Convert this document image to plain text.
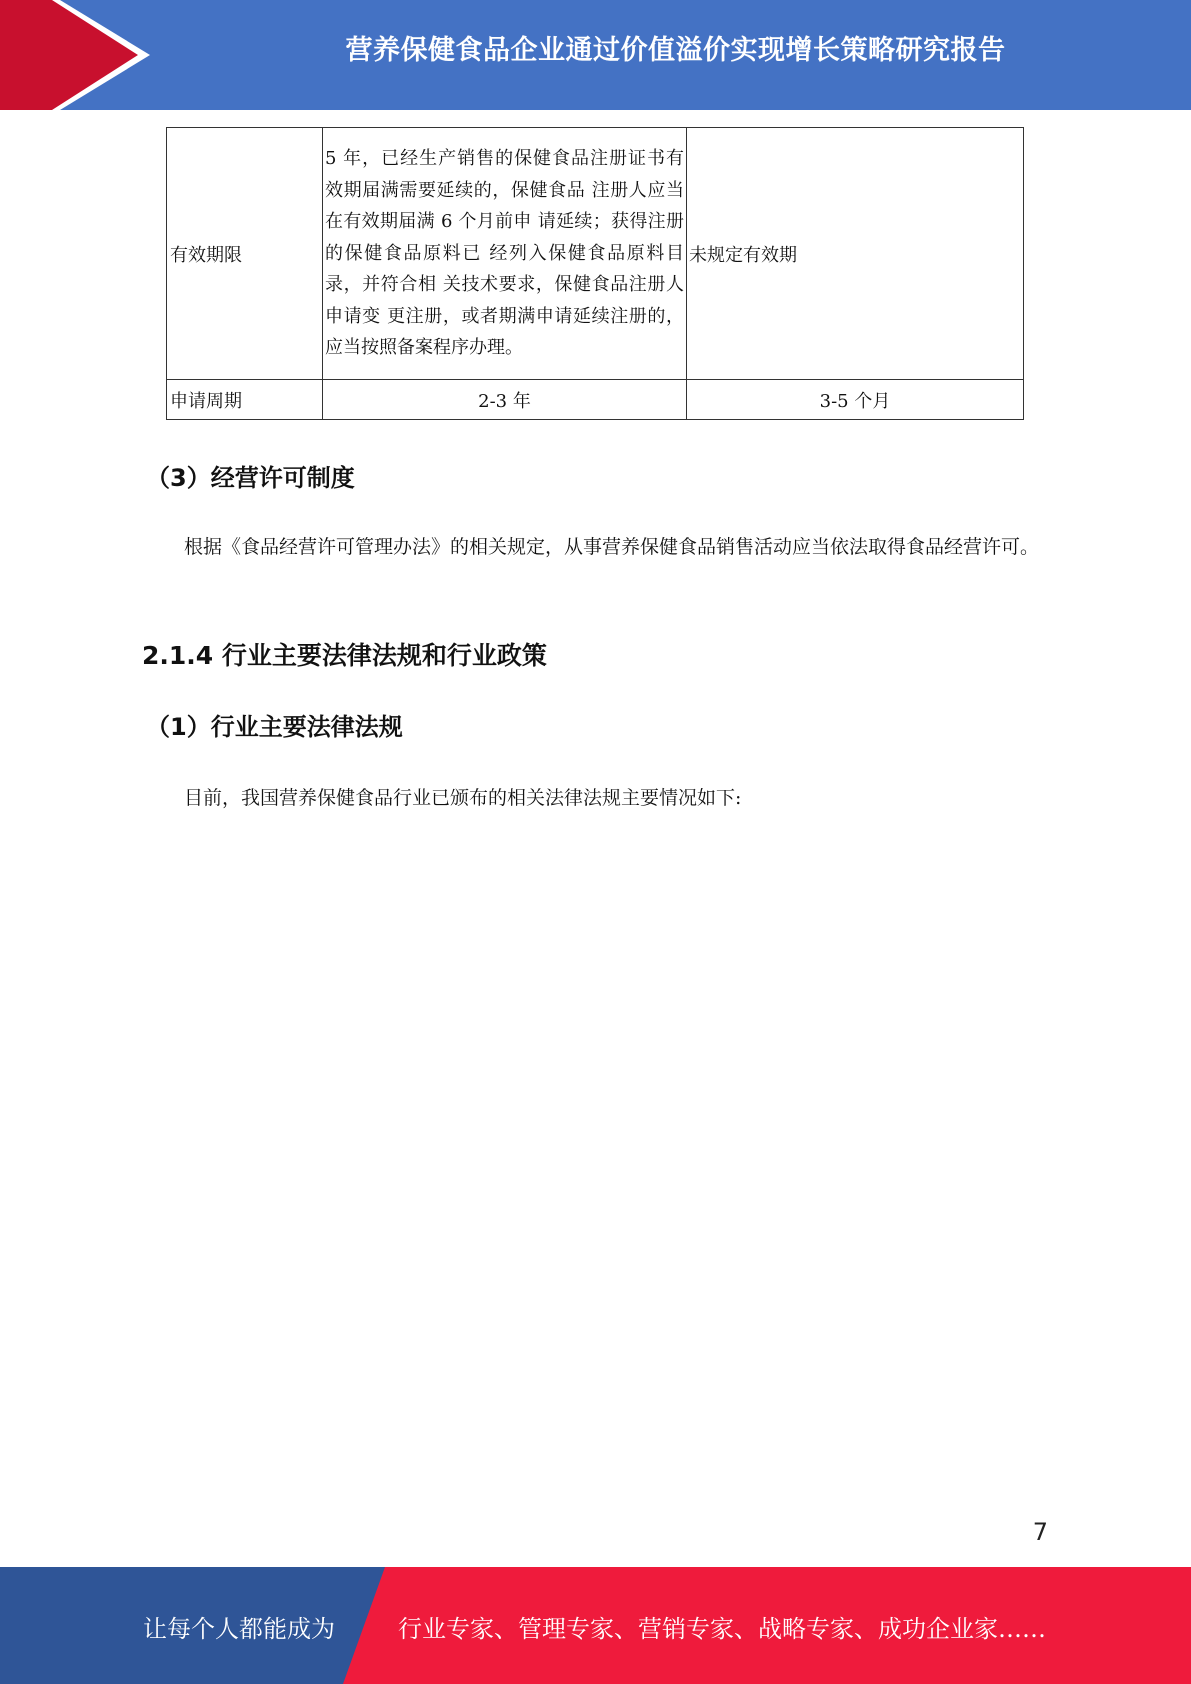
营养保健食品企业通过价值溢价实现增长策略研究报告
有效期限	5 年，已经生产销售的保健食品注册证书有效期届满需要延续的，保健食品 注册人应当在有效期届满 6 个月前申 请延续；获得注册的保健食品原料已 经列入保健食品原料目录，并符合相 关技术要求，保健食品注册人申请变 更注册，或者期满申请延续注册的， 应当按照备案程序办理。	未规定有效期
申请周期	2-3 年	3-5 个月
（3）经营许可制度
根据《食品经营许可管理办法》的相关规定，从事营养保健食品销售活动应当依法取得食品经营许可。
2.1.4 行业主要法律法规和行业政策
（1）行业主要法律法规
目前，我国营养保健食品行业已颁布的相关法律法规主要情况如下:
7
让每个人都能成为	行业专家、管理专家、营销专家、战略专家、成功企业家……
